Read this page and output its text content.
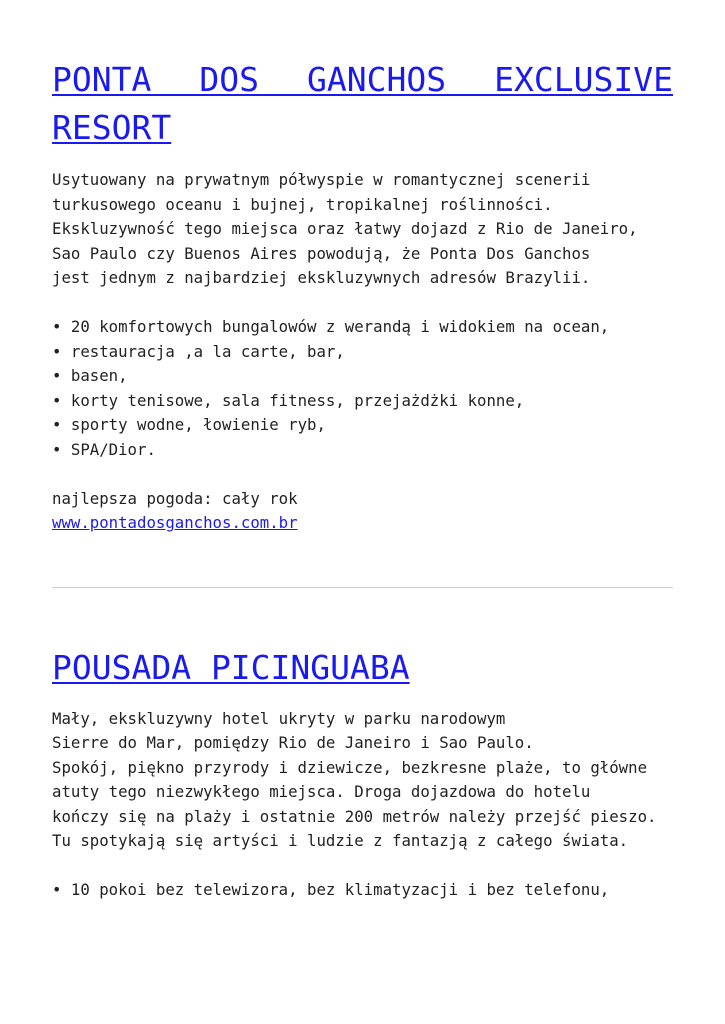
PONTA DOS GANCHOS EXCLUSIVE RESORT
Usytuowany na prywatnym półwyspie w romantycznej scenerii
turkusowego oceanu i bujnej, tropikalnej roślinności.
Ekskluzywność tego miejsca oraz łatwy dojazd z Rio de Janeiro,
Sao Paulo czy Buenos Aires powodują, że Ponta Dos Ganchos
jest jednym z najbardziej ekskluzywnych adresów Brazylii.
• 20 komfortowych bungalowów z werandą i widokiem na ocean,
• restauracja ,a la carte, bar,
• basen,
• korty tenisowe, sala fitness, przejażdżki konne,
• sporty wodne, łowienie ryb,
• SPA/Dior.
najlepsza pogoda: cały rok
www.pontadosganchos.com.br
POUSADA PICINGUABA
Mały, ekskluzywny hotel ukryty w parku narodowym
Sierre do Mar, pomiędzy Rio de Janeiro i Sao Paulo.
Spokój, piękno przyrody i dziewicze, bezkresne plaże, to główne
atuty tego niezwykłego miejsca. Droga dojazdowa do hotelu
kończy się na plaży i ostatnie 200 metrów należy przejść pieszo.
Tu spotykają się artyści i ludzie z fantazją z całego świata.
• 10 pokoi bez telewizora, bez klimatyzacji i bez telefonu,
